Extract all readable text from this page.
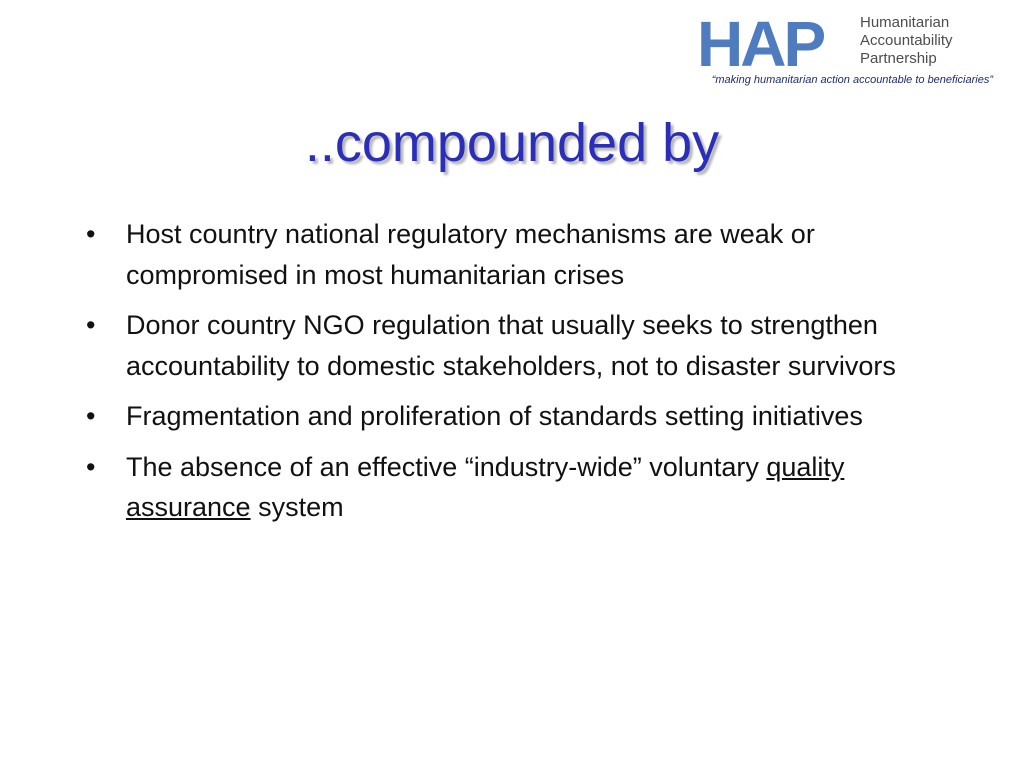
HAP Humanitarian
Accountability
Partnership
“making humanitarian action accountable to beneficiaries”
..compounded by
• Host country national regulatory mechanisms are weak or compromised in most humanitarian crises
• Donor country NGO regulation that usually seeks to strengthen accountability to domestic stakeholders, not to disaster survivors
• Fragmentation and proliferation of standards setting initiatives
• The absence of an effective “industry-wide” voluntary quality assurance system
